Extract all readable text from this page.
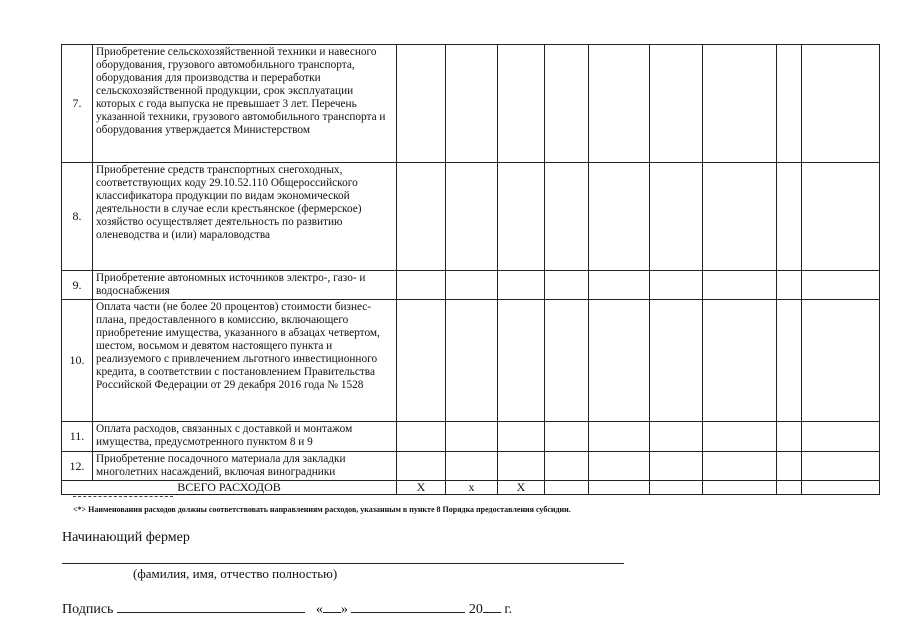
7.	Приобретение сельскохозяйственной техники и навесного оборудования, грузового автомобильного транспорта, оборудования для производства и переработки сельскохозяйственной продукции, срок эксплуатации которых с года выпуска не превышает 3 лет. Перечень указанной техники, грузового автомобильного транспорта и оборудования утверждается Министерством									
8.	Приобретение средств транспортных снегоходных, соответствующих коду 29.10.52.110 Общероссийского классификатора продукции по видам экономической деятельности в случае если крестьянское (фермерское) хозяйство осуществляет деятельность по развитию оленеводства и (или) мараловодства									
9.	Приобретение автономных источников электро-, газо- и водоснабжения									
10.	Оплата части (не более 20 процентов) стоимости бизнес-плана, предоставленного в комиссию, включающего приобретение имущества, указанного в абзацах четвертом, шестом, восьмом и девятом настоящего пункта и реализуемого с привлечением льготного инвестиционного кредита, в соответствии с постановлением Правительства Российской Федерации от 29 декабря 2016 года № 1528									
11.	Оплата расходов, связанных с доставкой и монтажом имущества, предусмотренного пунктом 8 и 9									
12.	Приобретение посадочного материала для закладки многолетних насаждений, включая виноградники									
ВСЕГО РАСХОДОВ		X	x	X						
<*> Наименования расходов должны соответствовать направлениям расходов, указанным в пункте 8 Порядка предоставления субсидии.
Начинающий фермер
(фамилия, имя, отчество полностью)
Подпись	« »	20 г.
